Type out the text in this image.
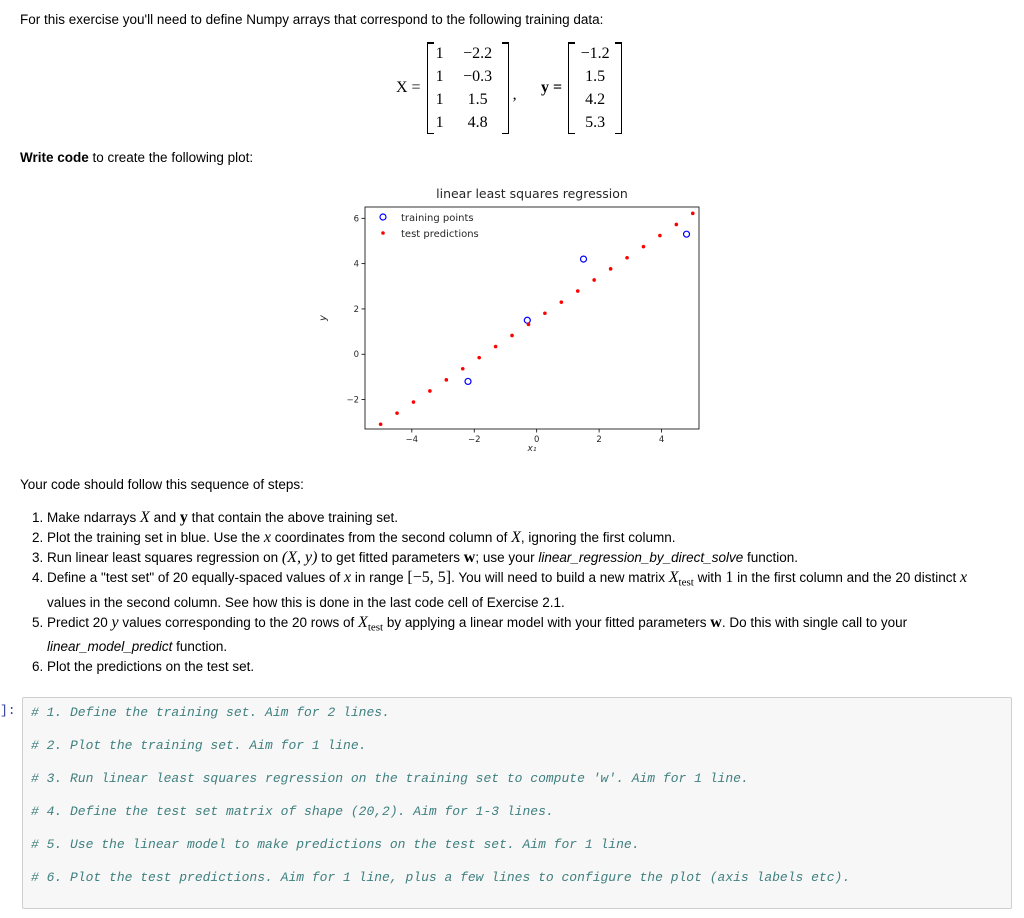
For this exercise you'll need to define Numpy arrays that correspond to the following training data:
X =
1	−2.2
1	−0.3
1	1.5
1	4.8
, y =
−1.2
1.5
4.2
5.3
Write code to create the following plot:
linear least squares regression
−4	−2	0	2	4
−2
0
2
4
6
x₁
y
training points
test predictions
Your code should follow this sequence of steps:
1. Make ndarrays X and y that contain the above training set.
2. Plot the training set in blue. Use the x coordinates from the second column of X, ignoring the first column.
3. Run linear least squares regression on (X, y) to get fitted parameters w; use your linear_regression_by_direct_solve function.
4. Define a "test set" of 20 equally-spaced values of x in range [−5, 5]. You will need to build a new matrix $X_{test}$ with 1 in the first column and the 20 distinct x values in the second column. See how this is done in the last code cell of Exercise 2.1.
5. Predict 20 y values corresponding to the 20 rows of $X_{test}$ by applying a linear model with your fitted parameters w. Do this with single call to your linear_model_predict function.
6. Plot the predictions on the test set.
]: # 1. Define the training set. Aim for 2 lines.
# 2. Plot the training set. Aim for 1 line.
# 3. Run linear least squares regression on the training set to compute 'w'. Aim for 1 line.
# 4. Define the test set matrix of shape (20,2). Aim for 1-3 lines.
# 5. Use the linear model to make predictions on the test set. Aim for 1 line.
# 6. Plot the test predictions. Aim for 1 line, plus a few lines to configure the plot (axis labels etc).
